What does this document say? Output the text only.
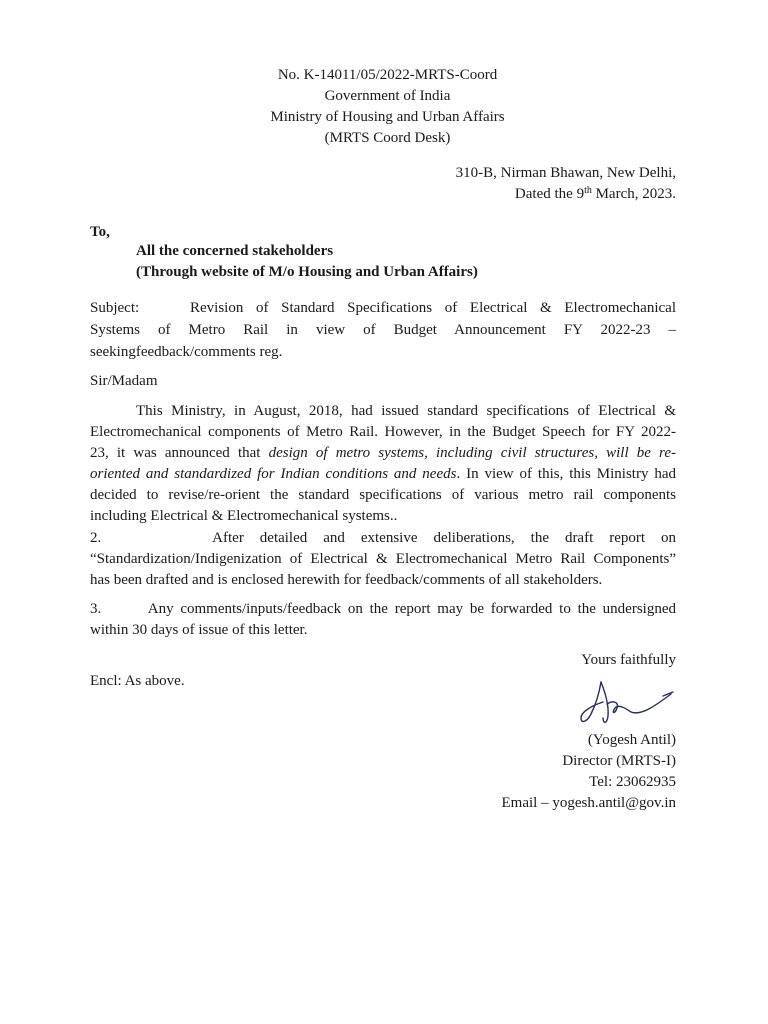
No. K-14011/05/2022-MRTS-Coord
Government of India
Ministry of Housing and Urban Affairs
(MRTS Coord Desk)
310-B, Nirman Bhawan, New Delhi,
Dated the 9th March, 2023.
To,
All the concerned stakeholders
(Through website of M/o Housing and Urban Affairs)
Subject:	Revision of Standard Specifications of Electrical & Electromechanical
Systems of Metro Rail in view of Budget Announcement FY 2022-23 –
seekingfeedback/comments reg.
Sir/Madam
This Ministry, in August, 2018, had issued standard specifications of Electrical &
Electromechanical components of Metro Rail. However, in the Budget Speech for FY 2022-
23, it was announced that design of metro systems, including civil structures, will be re-
oriented and standardized for Indian conditions and needs. In view of this, this Ministry had
decided to revise/re-orient the standard specifications of various metro rail components
including Electrical & Electromechanical systems..
2.       After detailed and extensive deliberations, the draft report on
“Standardization/Indigenization of Electrical & Electromechanical Metro Rail Components”
has been drafted and is enclosed herewith for feedback/comments of all stakeholders.
3.       Any comments/inputs/feedback on the report may be forwarded to the undersigned
within 30 days of issue of this letter.
Encl: As above.
Yours faithfully
(Yogesh Antil)
Director (MRTS-I)
Tel: 23062935
Email – yogesh.antil@gov.in
